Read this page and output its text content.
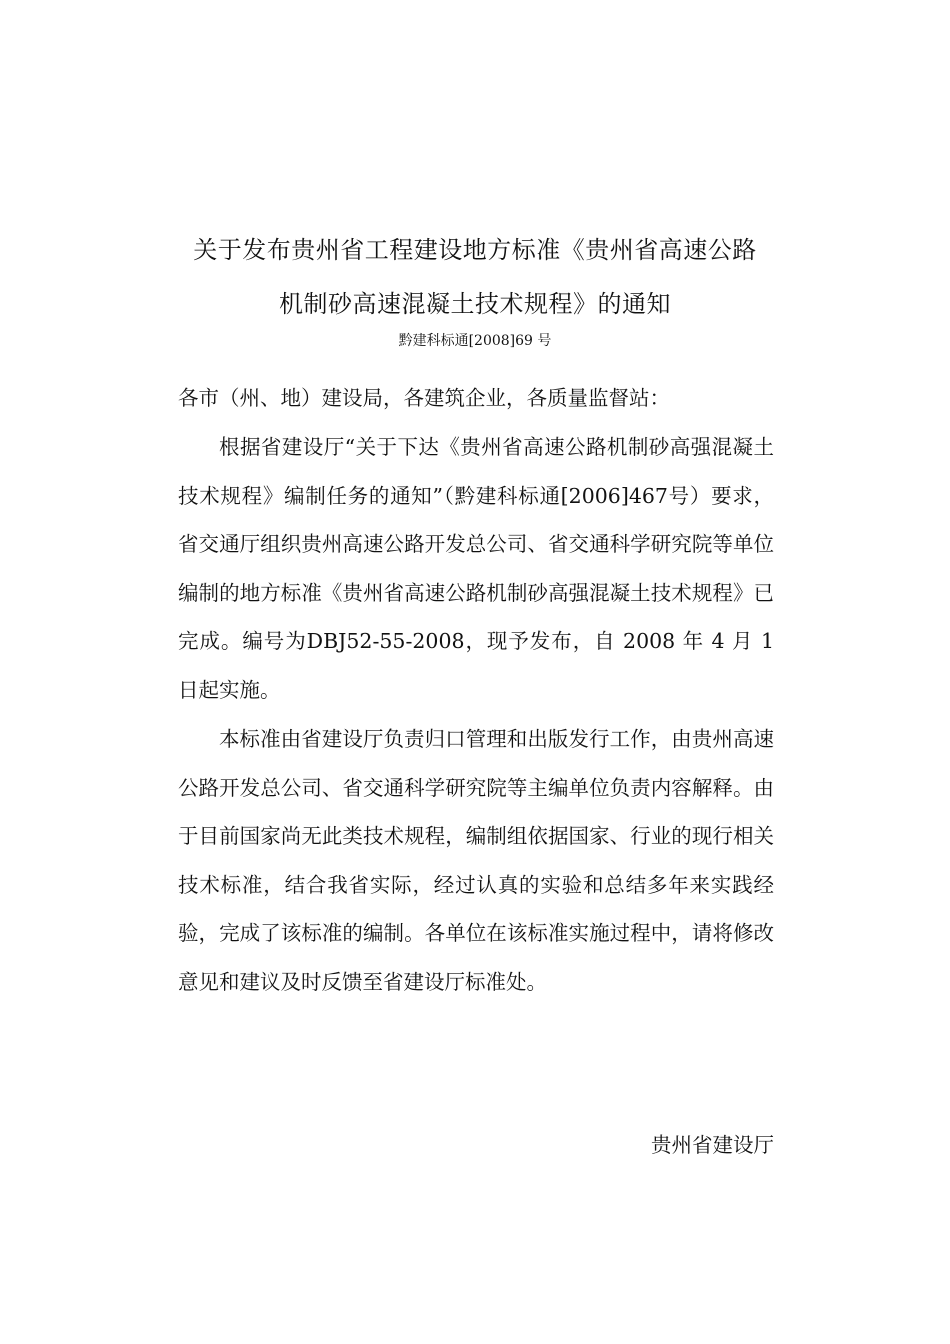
关于发布贵州省工程建设地方标准《贵州省高速公路
机制砂高速混凝土技术规程》的通知
黔建科标通[2008]69 号

各市（州、地）建设局，各建筑企业，各质量监督站：

根据省建设厅“关于下达《贵州省高速公路机制砂高强混凝土技术规程》编制任务的通知”（黔建科标通[2006]467号）要求，省交通厅组织贵州高速公路开发总公司、省交通科学研究院等单位编制的地方标准《贵州省高速公路机制砂高强混凝土技术规程》已完成。编号为DBJ52-55-2008，现予发布，自 2008 年 4 月 1 日起实施。

本标准由省建设厅负责归口管理和出版发行工作，由贵州高速公路开发总公司、省交通科学研究院等主编单位负责内容解释。由于目前国家尚无此类技术规程，编制组依据国家、行业的现行相关技术标准，结合我省实际，经过认真的实验和总结多年来实践经验，完成了该标准的编制。各单位在该标准实施过程中，请将修改意见和建议及时反馈至省建设厅标准处。

贵州省建设厅
